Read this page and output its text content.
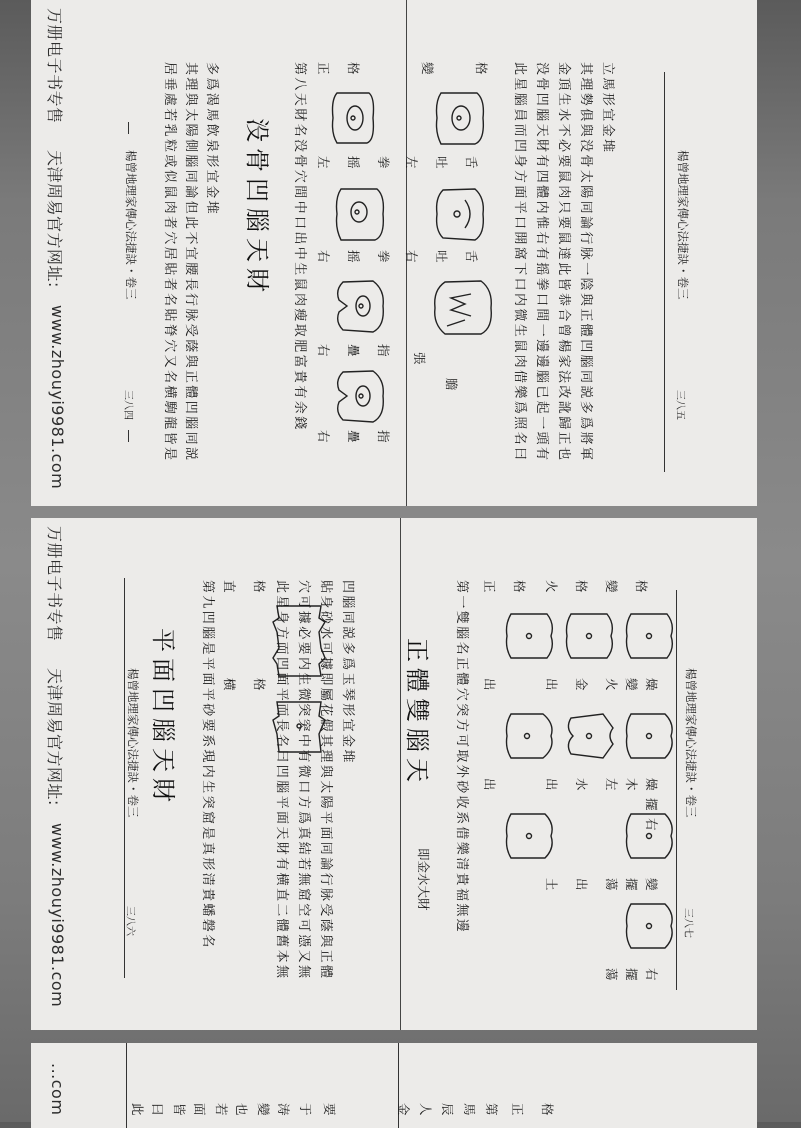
万册电子书专售
天津周易官方网址:
www.zhouyi9981.com
楊曾地理家傳心法捷訣・卷三
三八四	居垂處若乳粒或似鼠肉者穴居貼者名貼脊穴又名横駒龍皆是 其理與太陽側腦同論但此不宜腰長行脉受蔭與正體凹腦同説 多爲渴馬飲泉形宜金堆 没骨凹腦天財	第八天財名没骨穴間中口出中生鼠肉瘦取肥富貴有余錢 正 格
左 摇 拳
右 摇 拳
右 疊 指
右 疊 指
變	格
左 吐 舌
右 吐 舌
張
膽	此星腦員而凹身方面平口開窩下口内微生鼠肉借樂爲照名曰 没骨凹腦天財有四體内惟右有摇拳口間一邊邊腦已起一頭有 金頂生水不必要鼠肉只要鼠達此皆恭合曾楊家法改訛歸正也 其理勢俱與没骨太陽同論行脉一陰與正體凹腦同説多爲將軍 立馬形宜金堆
楊曾地理家傳心法捷訣・卷三
三八五
万册电子书专售
天津周易官方网址:
www.zhouyi9981.com
楊曾地理家傳心法捷訣・卷三
三八六
平面凹腦天財	第九凹腦是平面平砂要系現内生突窟是真形清貴蟠磐名 直 格
横 格 此星身方而凹面平而長名曰凹腦平面天財有横直二體舊本無 穴可據必要内生微突突中有微口方爲真結若無窟空可憑又無 貼身砂水可據即屬花假其理與太陽平面同論行脉受蔭與正體 凹腦同説多爲玉琴形宜金堆 正體雙腦天
即金水大財 第一雙腦名正體穴突方可取外砂收系借樂清貴福無邊 正 格
出
出
火 格
出 金
出 水
變 格
火 變 燥
左 木 燥
擺
右
土 出 蕩 擺 變
蕩 擺 右
楊曾地理家傳心法捷訣・卷三
三八七
...com	此 曰 皆 面 若 也 變 涛 于 要	金 人 辰 馬 第 正 格
